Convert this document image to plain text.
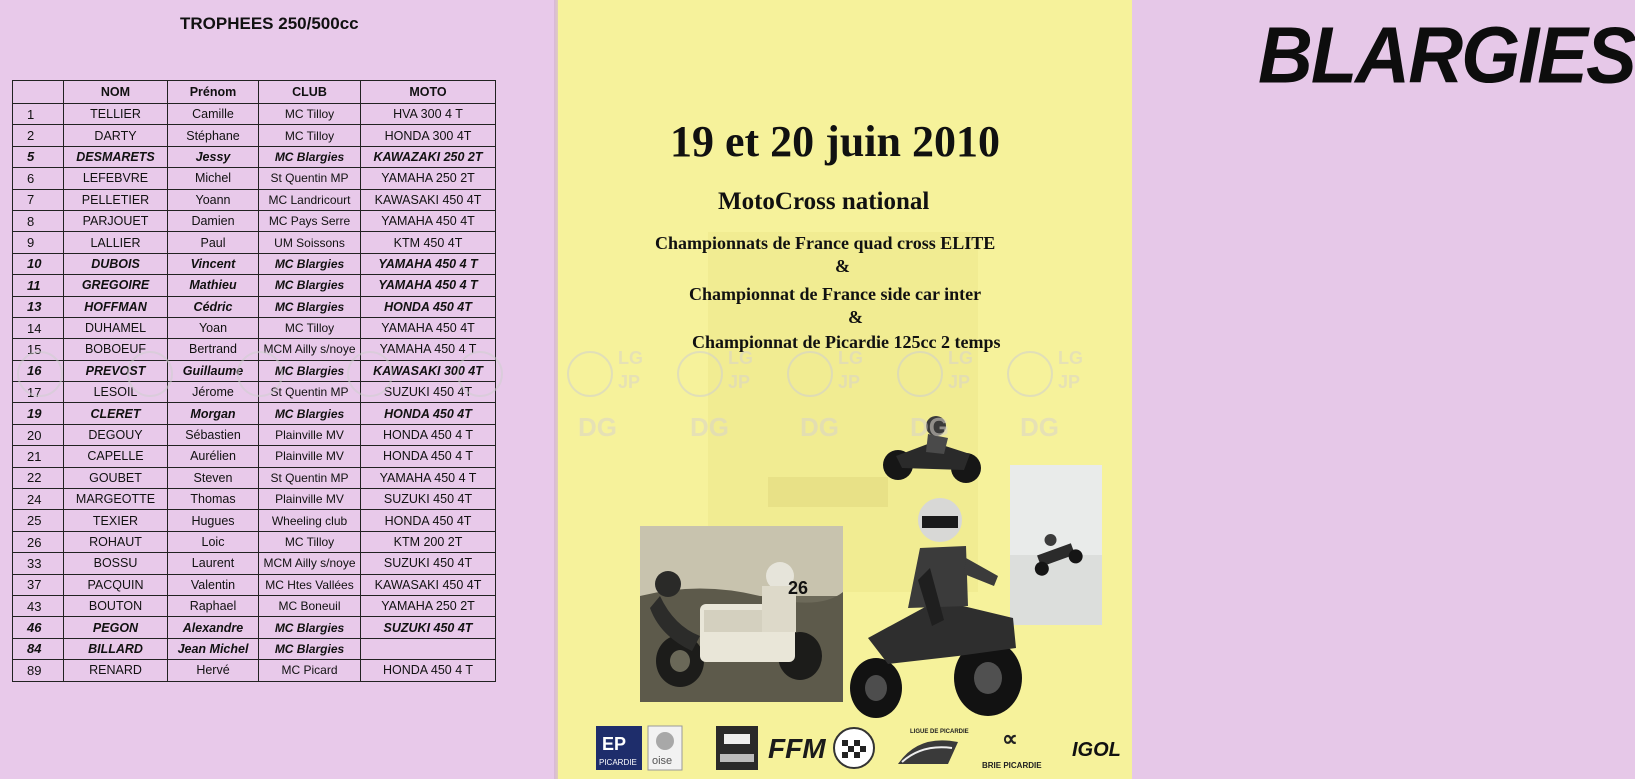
TROPHEES 250/500cc
	NOM	Prénom	CLUB	MOTO
1	TELLIER	Camille	MC Tilloy	HVA 300 4 T
2	DARTY	Stéphane	MC Tilloy	HONDA 300 4T
5	DESMARETS	Jessy	MC Blargies	KAWAZAKI 250 2T
6	LEFEBVRE	Michel	St Quentin MP	YAMAHA 250 2T
7	PELLETIER	Yoann	MC Landricourt	KAWASAKI 450 4T
8	PARJOUET	Damien	MC Pays Serre	YAMAHA 450 4T
9	LALLIER	Paul	UM Soissons	KTM 450 4T
10	DUBOIS	Vincent	MC Blargies	YAMAHA 450 4 T
11	GREGOIRE	Mathieu	MC Blargies	YAMAHA 450 4 T
13	HOFFMAN	Cédric	MC Blargies	HONDA 450 4T
14	DUHAMEL	Yoan	MC Tilloy	YAMAHA 450 4T
15	BOBOEUF	Bertrand	MCM Ailly s/noye	YAMAHA 450 4 T
16	PREVOST	Guillaume	MC Blargies	KAWASAKI 300 4T
17	LESOIL	Jérome	St Quentin MP	SUZUKI 450 4T
19	CLERET	Morgan	MC Blargies	HONDA 450 4T
20	DEGOUY	Sébastien	Plainville MV	HONDA 450 4 T
21	CAPELLE	Aurélien	Plainville MV	HONDA 450 4 T
22	GOUBET	Steven	St Quentin MP	YAMAHA 450 4 T
24	MARGEOTTE	Thomas	Plainville MV	SUZUKI 450 4T
25	TEXIER	Hugues	Wheeling club	HONDA 450 4T
26	ROHAUT	Loic	MC Tilloy	KTM 200 2T
33	BOSSU	Laurent	MCM Ailly s/noye	SUZUKI 450 4T
37	PACQUIN	Valentin	MC Htes Vallées	KAWASAKI 450 4T
43	BOUTON	Raphael	MC Boneuil	YAMAHA 250 2T
46	PEGON	Alexandre	MC Blargies	SUZUKI 450 4T
84	BILLARD	Jean Michel	MC Blargies	
89	RENARD	Hervé	MC Picard	HONDA 450 4 T
26
BLARGIES
19 et 20 juin 2010
MotoCross national
Championnats de France quad cross ELITE
&
Championnat de France side car inter
&
Championnat de Picardie 125cc 2 temps
LG
JP
DG	DG	DG	DG	DG
LG
JP
LG
JP
LG
JP
LG
JP
EP
PICARDIE oise	FFM
LIGUE DE PICARDIE ∝
BRIE PICARDIE
IGOL
